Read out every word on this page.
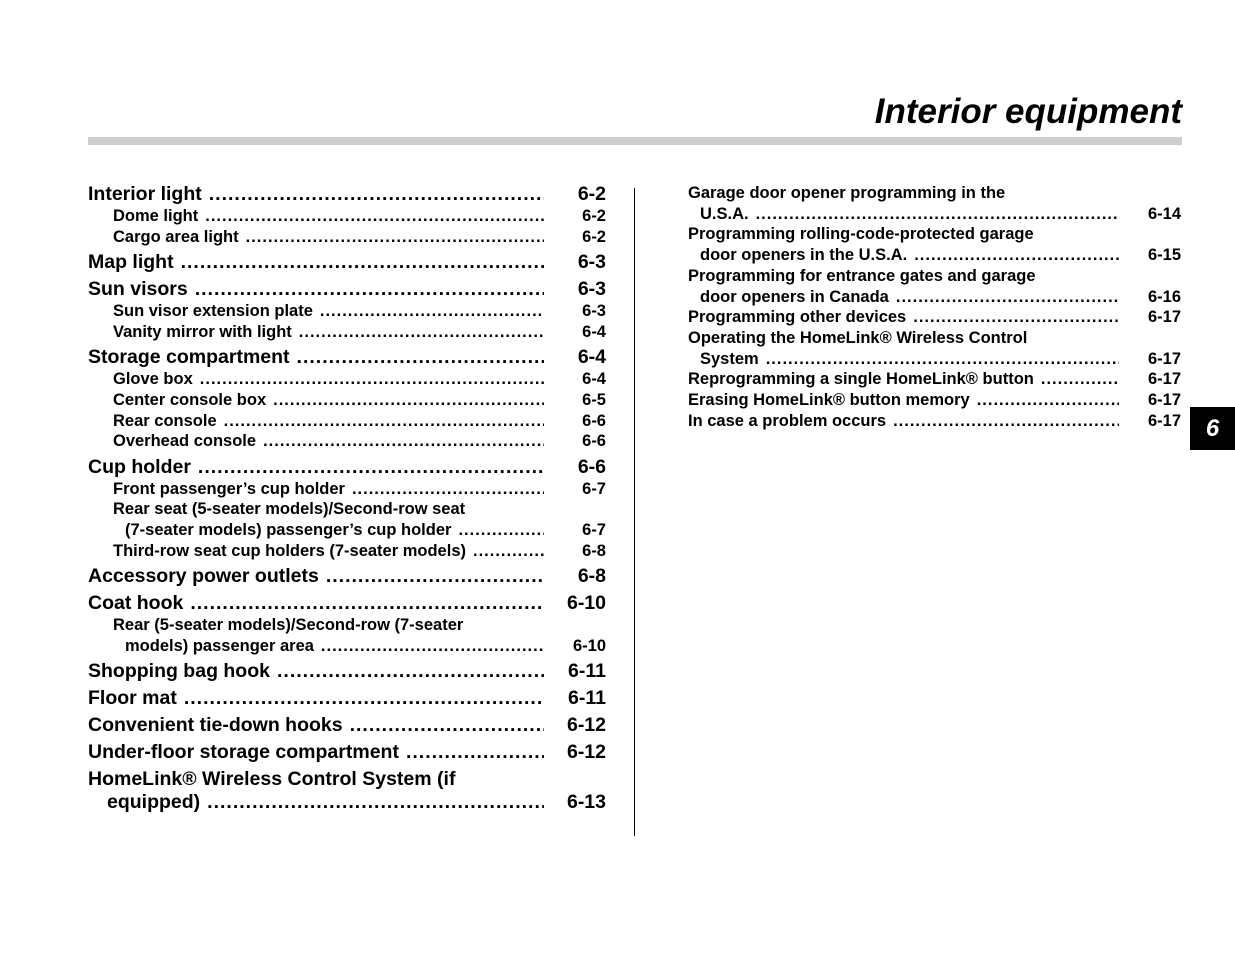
Interior equipment
6
Interior light .....	6-2
Dome light .....	6-2
Cargo area light .....	6-2
Map light .....	6-3
Sun visors .....	6-3
Sun visor extension plate .....	6-3
Vanity mirror with light .....	6-4
Storage compartment .....	6-4
Glove box .....	6-4
Center console box .....	6-5
Rear console .....	6-6
Overhead console .....	6-6
Cup holder .....	6-6
Front passenger’s cup holder .....	6-7
Rear seat (5-seater models)/Second-row seat
(7-seater models) passenger’s cup holder .....	6-7
Third-row seat cup holders (7-seater models) .....	6-8
Accessory power outlets .....	6-8
Coat hook .....	6-10
Rear (5-seater models)/Second-row (7-seater
models) passenger area .....	6-10
Shopping bag hook .....	6-11
Floor mat .....	6-11
Convenient tie-down hooks .....	6-12
Under-floor storage compartment .....	6-12
HomeLink® Wireless Control System (if
equipped) .....	6-13
Garage door opener programming in the
U.S.A. .....	6-14
Programming rolling-code-protected garage
door openers in the U.S.A. .....	6-15
Programming for entrance gates and garage
door openers in Canada .....	6-16
Programming other devices .....	6-17
Operating the HomeLink® Wireless Control
System .....	6-17
Reprogramming a single HomeLink® button .....	6-17
Erasing HomeLink® button memory .....	6-17
In case a problem occurs .....	6-17
